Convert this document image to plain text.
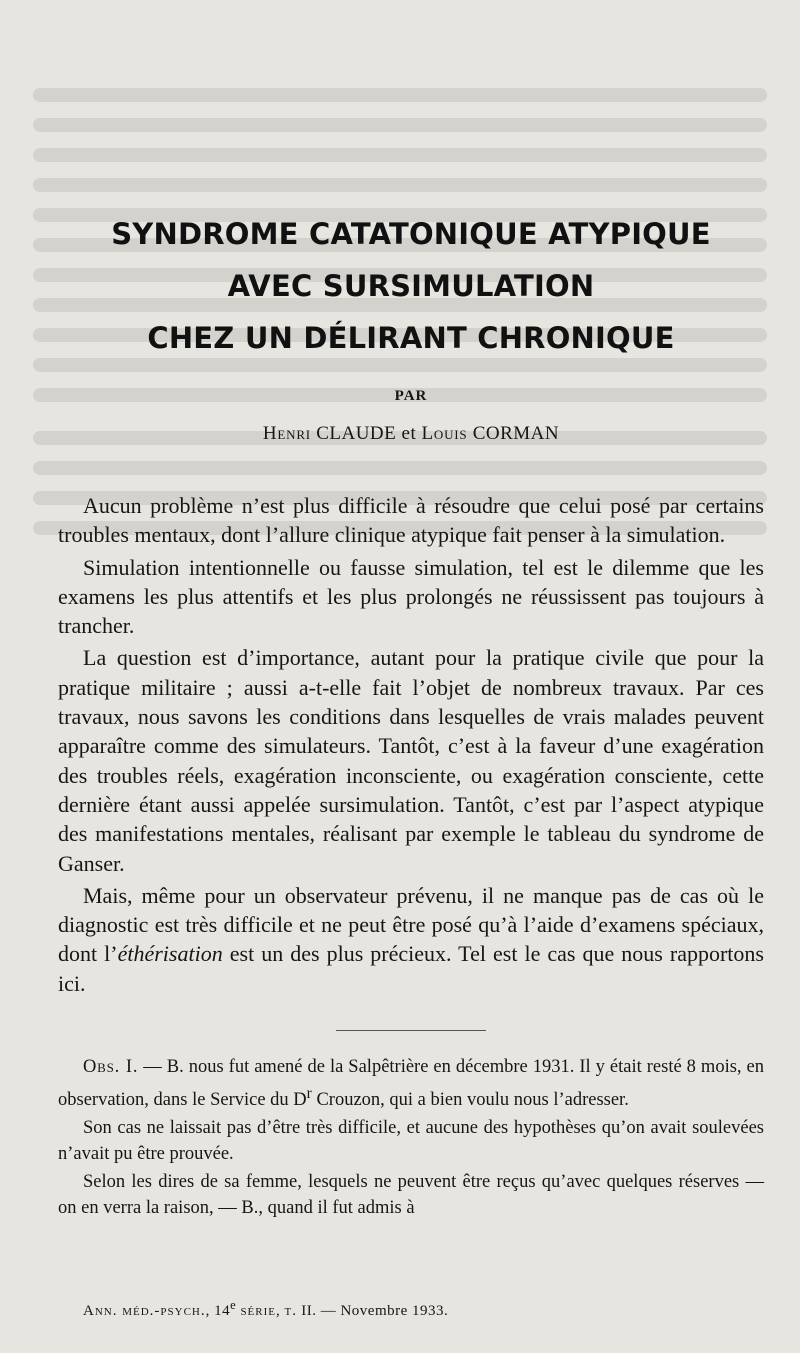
SYNDROME CATATONIQUE ATYPIQUE
AVEC SURSIMULATION
CHEZ UN DÉLIRANT CHRONIQUE
PAR
Henri CLAUDE et Louis CORMAN

Aucun problème n’est plus difficile à résoudre que celui posé par certains troubles mentaux, dont l’allure clinique atypique fait penser à la simulation.

Simulation intentionnelle ou fausse simulation, tel est le dilemme que les examens les plus attentifs et les plus prolongés ne réussissent pas toujours à trancher.

La question est d’importance, autant pour la pratique civile que pour la pratique militaire ; aussi a-t-elle fait l’objet de nombreux travaux. Par ces travaux, nous savons les conditions dans lesquelles de vrais malades peuvent apparaître comme des simulateurs. Tantôt, c’est à la faveur d’une exagération des troubles réels, exagération inconsciente, ou exagération consciente, cette dernière étant aussi appelée sursimulation. Tantôt, c’est par l’aspect atypique des manifestations mentales, réalisant par exemple le tableau du syndrome de Ganser.

Mais, même pour un observateur prévenu, il ne manque pas de cas où le diagnostic est très difficile et ne peut être posé qu’à l’aide d’examens spéciaux, dont l’éthérisation est un des plus précieux. Tel est le cas que nous rapportons ici.

Obs. I. — B. nous fut amené de la Salpêtrière en décembre 1931. Il y était resté 8 mois, en observation, dans le Service du $D^r$ Crouzon, qui a bien voulu nous l’adresser.

Son cas ne laissait pas d’être très difficile, et aucune des hypothèses qu’on avait soulevées n’avait pu être prouvée.

Selon les dires de sa femme, lesquels ne peuvent être reçus qu’avec quelques réserves — on en verra la raison, — B., quand il fut admis à

Ann. méd.-psych., 14e série, t. II. — Novembre 1933.
